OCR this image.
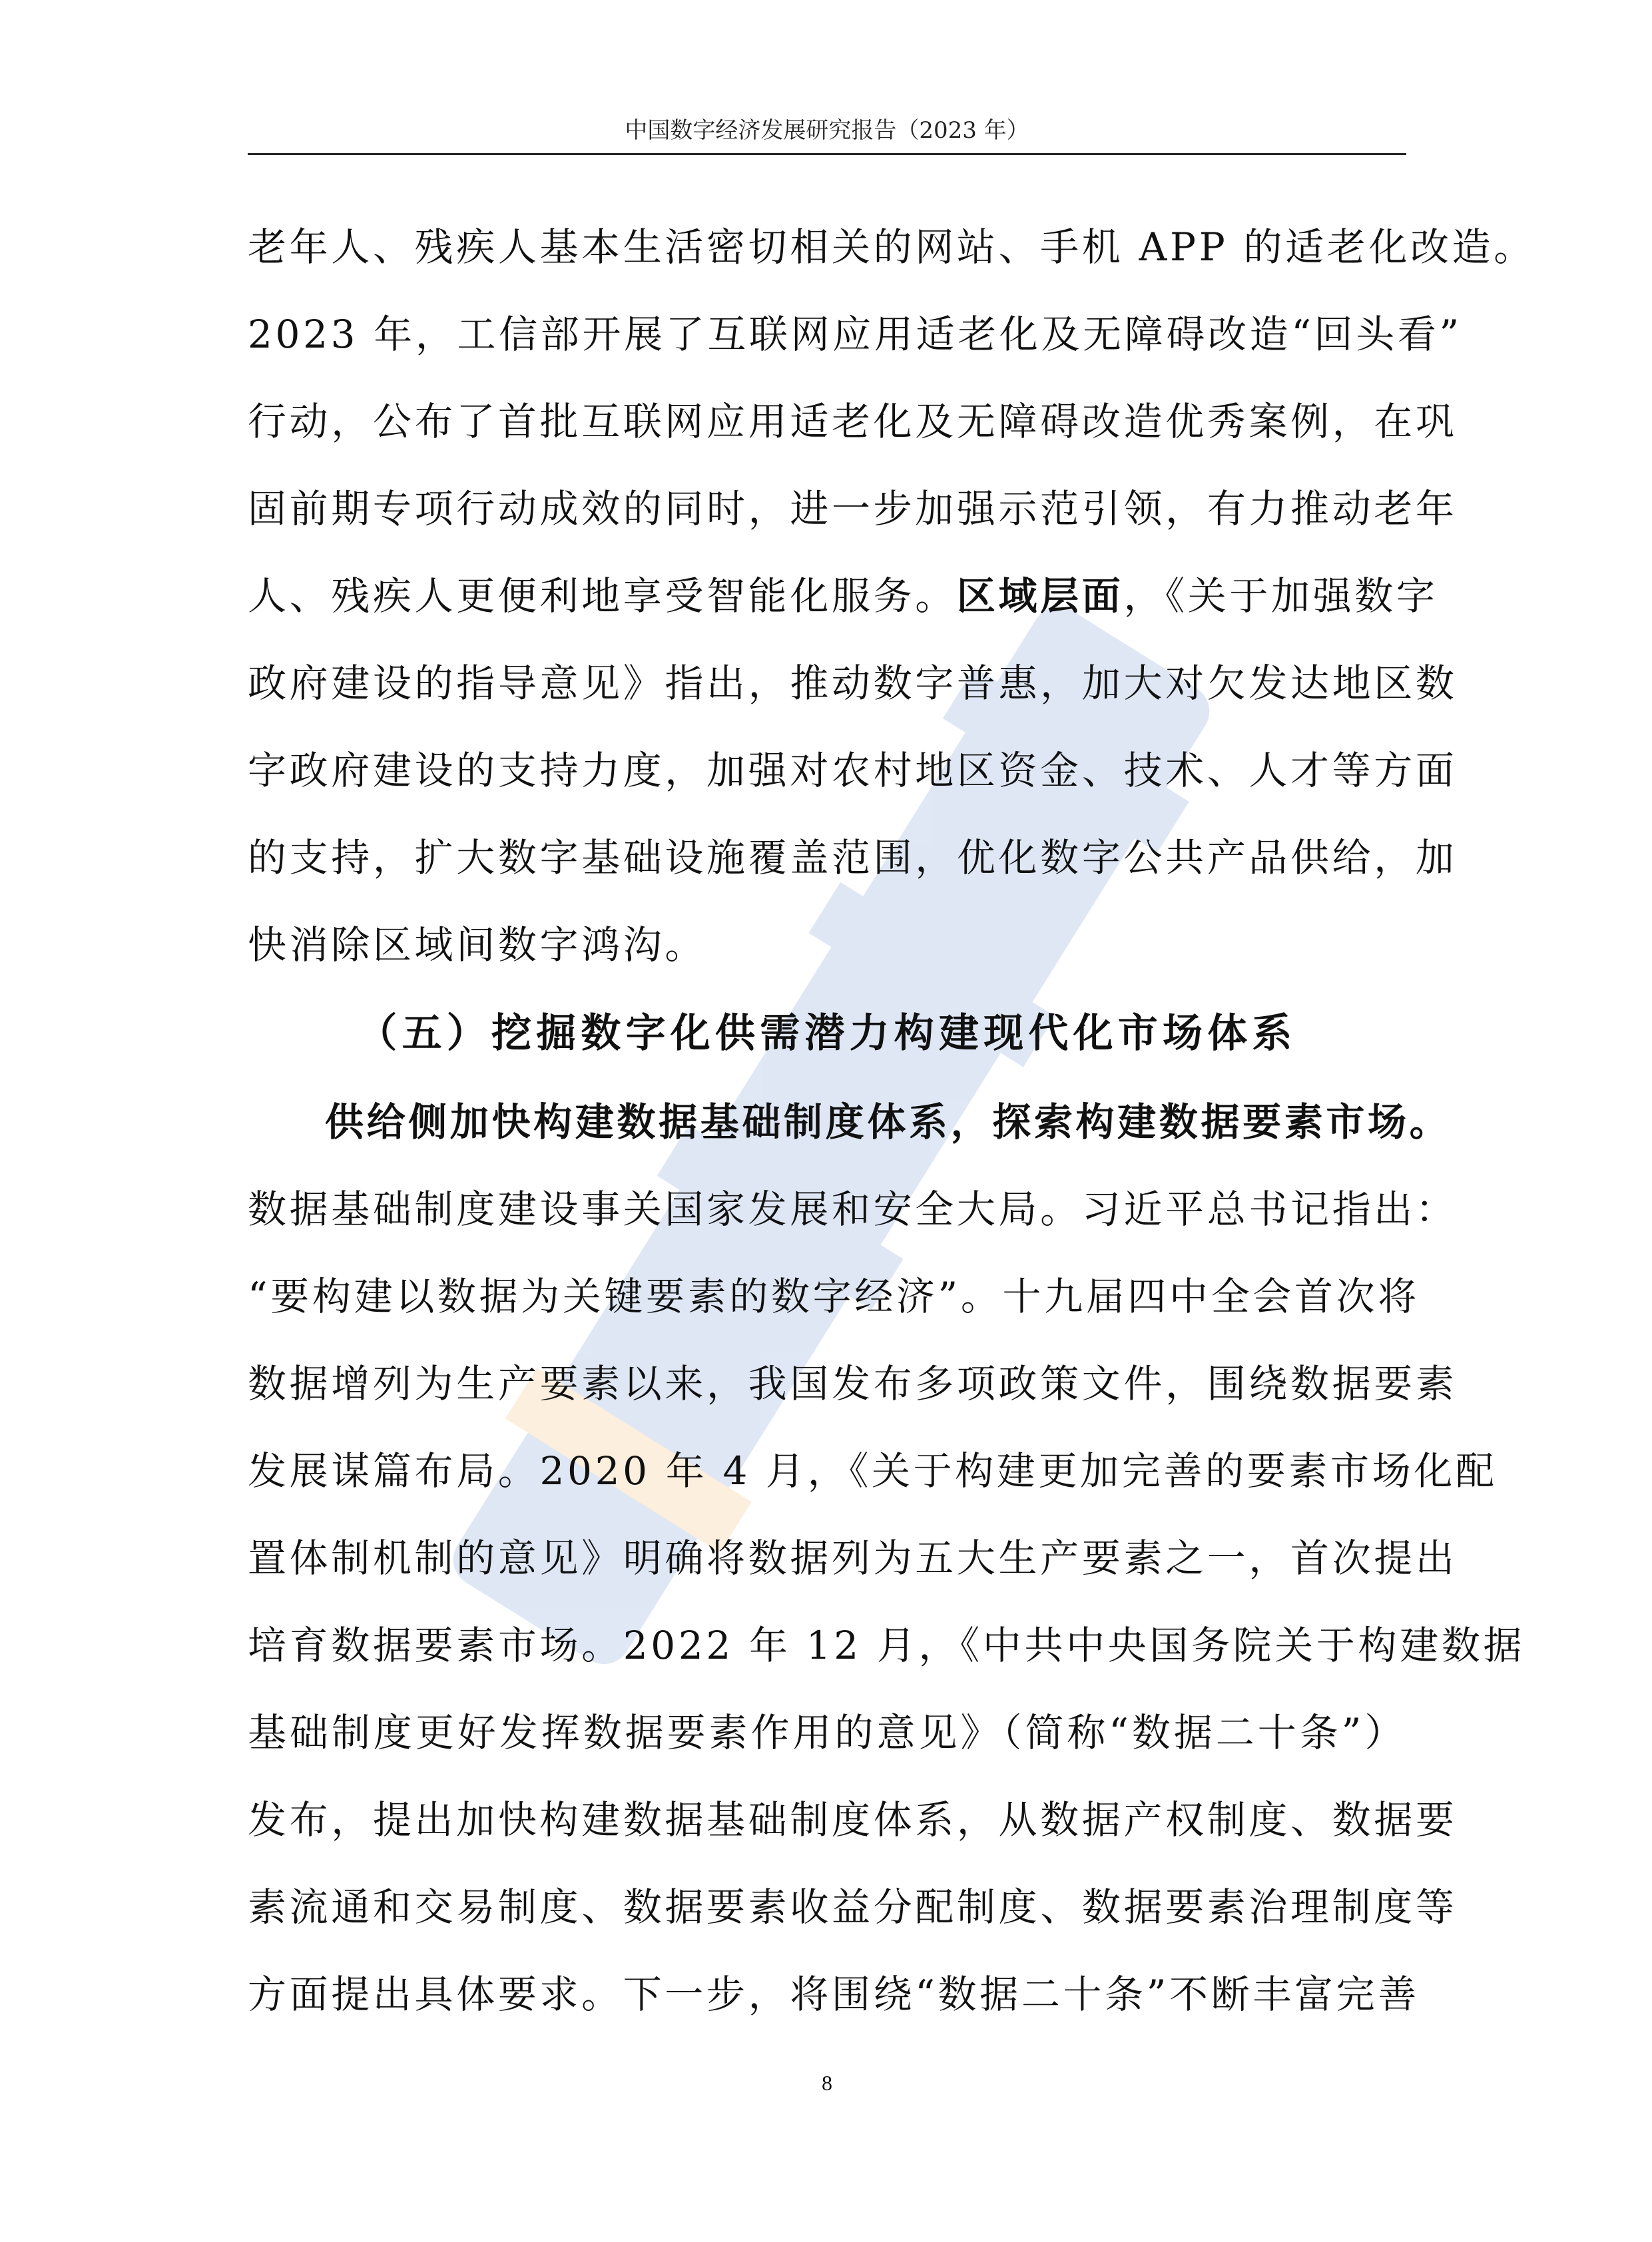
中国数字经济发展研究报告（2023 年）
老年人、残疾人基本生活密切相关的网站、手机 APP 的适老化改造。
2023 年，工信部开展了互联网应用适老化及无障碍改造“回头看”
行动，公布了首批互联网应用适老化及无障碍改造优秀案例，在巩
固前期专项行动成效的同时，进一步加强示范引领，有力推动老年
人、残疾人更便利地享受智能化服务。区域层面，《关于加强数字
政府建设的指导意见》指出，推动数字普惠，加大对欠发达地区数
字政府建设的支持力度，加强对农村地区资金、技术、人才等方面
的支持，扩大数字基础设施覆盖范围，优化数字公共产品供给，加
快消除区域间数字鸿沟。
（五）挖掘数字化供需潜力构建现代化市场体系
供给侧加快构建数据基础制度体系，探索构建数据要素市场。
数据基础制度建设事关国家发展和安全大局。习近平总书记指出：
“要构建以数据为关键要素的数字经济”。十九届四中全会首次将
数据增列为生产要素以来，我国发布多项政策文件，围绕数据要素
发展谋篇布局。2020 年 4 月，《关于构建更加完善的要素市场化配
置体制机制的意见》明确将数据列为五大生产要素之一，首次提出
培育数据要素市场。2022 年 12 月，《中共中央国务院关于构建数据
基础制度更好发挥数据要素作用的意见》（简称“数据二十条”）
发布，提出加快构建数据基础制度体系，从数据产权制度、数据要
素流通和交易制度、数据要素收益分配制度、数据要素治理制度等
方面提出具体要求。下一步，将围绕“数据二十条”不断丰富完善
8
